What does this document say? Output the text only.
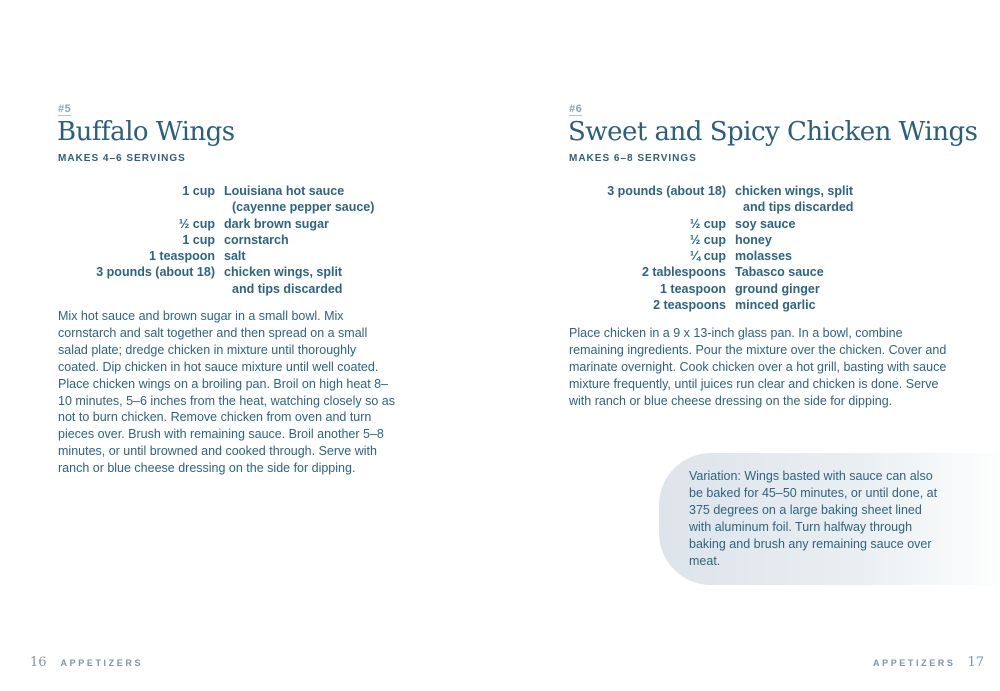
#5
Buffalo Wings
MAKES 4–6 SERVINGS
1 cup Louisiana hot sauce
(cayenne pepper sauce)
½ cup dark brown sugar
1 cup cornstarch
1 teaspoon salt
3 pounds (about 18) chicken wings, split
and tips discarded
Mix hot sauce and brown sugar in a small bowl. Mix cornstarch and salt together and then spread on a small salad plate; dredge chicken in mixture until thoroughly coated. Dip chicken in hot sauce mixture until well coated. Place chicken wings on a broiling pan. Broil on high heat 8–10 minutes, 5–6 inches from the heat, watching closely so as not to burn chicken. Remove chicken from oven and turn pieces over. Brush with remaining sauce. Broil another 5–8 minutes, or until browned and cooked through. Serve with ranch or blue cheese dressing on the side for dipping.
16 APPETIZERS
#6
Sweet and Spicy Chicken Wings
MAKES 6–8 SERVINGS
3 pounds (about 18) chicken wings, split
and tips discarded
½ cup soy sauce
½ cup honey
¼ cup molasses
2 tablespoons Tabasco sauce
1 teaspoon ground ginger
2 teaspoons minced garlic
Place chicken in a 9 x 13-inch glass pan. In a bowl, combine remaining ingredients. Pour the mixture over the chicken. Cover and marinate overnight. Cook chicken over a hot grill, basting with sauce mixture frequently, until juices run clear and chicken is done. Serve with ranch or blue cheese dressing on the side for dipping.
Variation: Wings basted with sauce can also be baked for 45–50 minutes, or until done, at 375 degrees on a large baking sheet lined with aluminum foil. Turn halfway through baking and brush any remaining sauce over meat.
APPETIZERS 17
